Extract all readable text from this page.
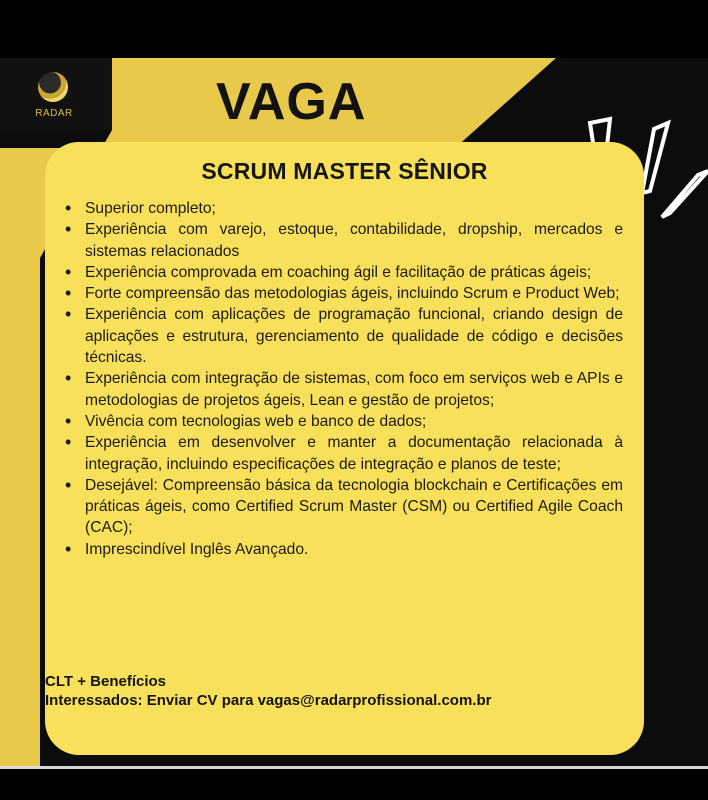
RADAR	VAGA
SCRUM MASTER SÊNIOR
• Superior completo;
• Experiência com varejo, estoque, contabilidade, dropship, mercados e sistemas relacionados
• Experiência comprovada em coaching ágil e facilitação de práticas ágeis;
• Forte compreensão das metodologias ágeis, incluindo Scrum e Product Web;
• Experiência com aplicações de programação funcional, criando design de aplicações e estrutura, gerenciamento de qualidade de código e decisões técnicas.
• Experiência com integração de sistemas, com foco em serviços web e APIs e metodologias de projetos ágeis, Lean e gestão de projetos;
• Vivência com tecnologias web e banco de dados;
• Experiência em desenvolver e manter a documentação relacionada à integração, incluindo especificações de integração e planos de teste;
• Desejável: Compreensão básica da tecnologia blockchain e Certificações em práticas ágeis, como Certified Scrum Master (CSM) ou Certified Agile Coach (CAC);
• Imprescindível Inglês Avançado.
CLT + Benefícios
Interessados: Enviar CV para vagas@radarprofissional.com.br
